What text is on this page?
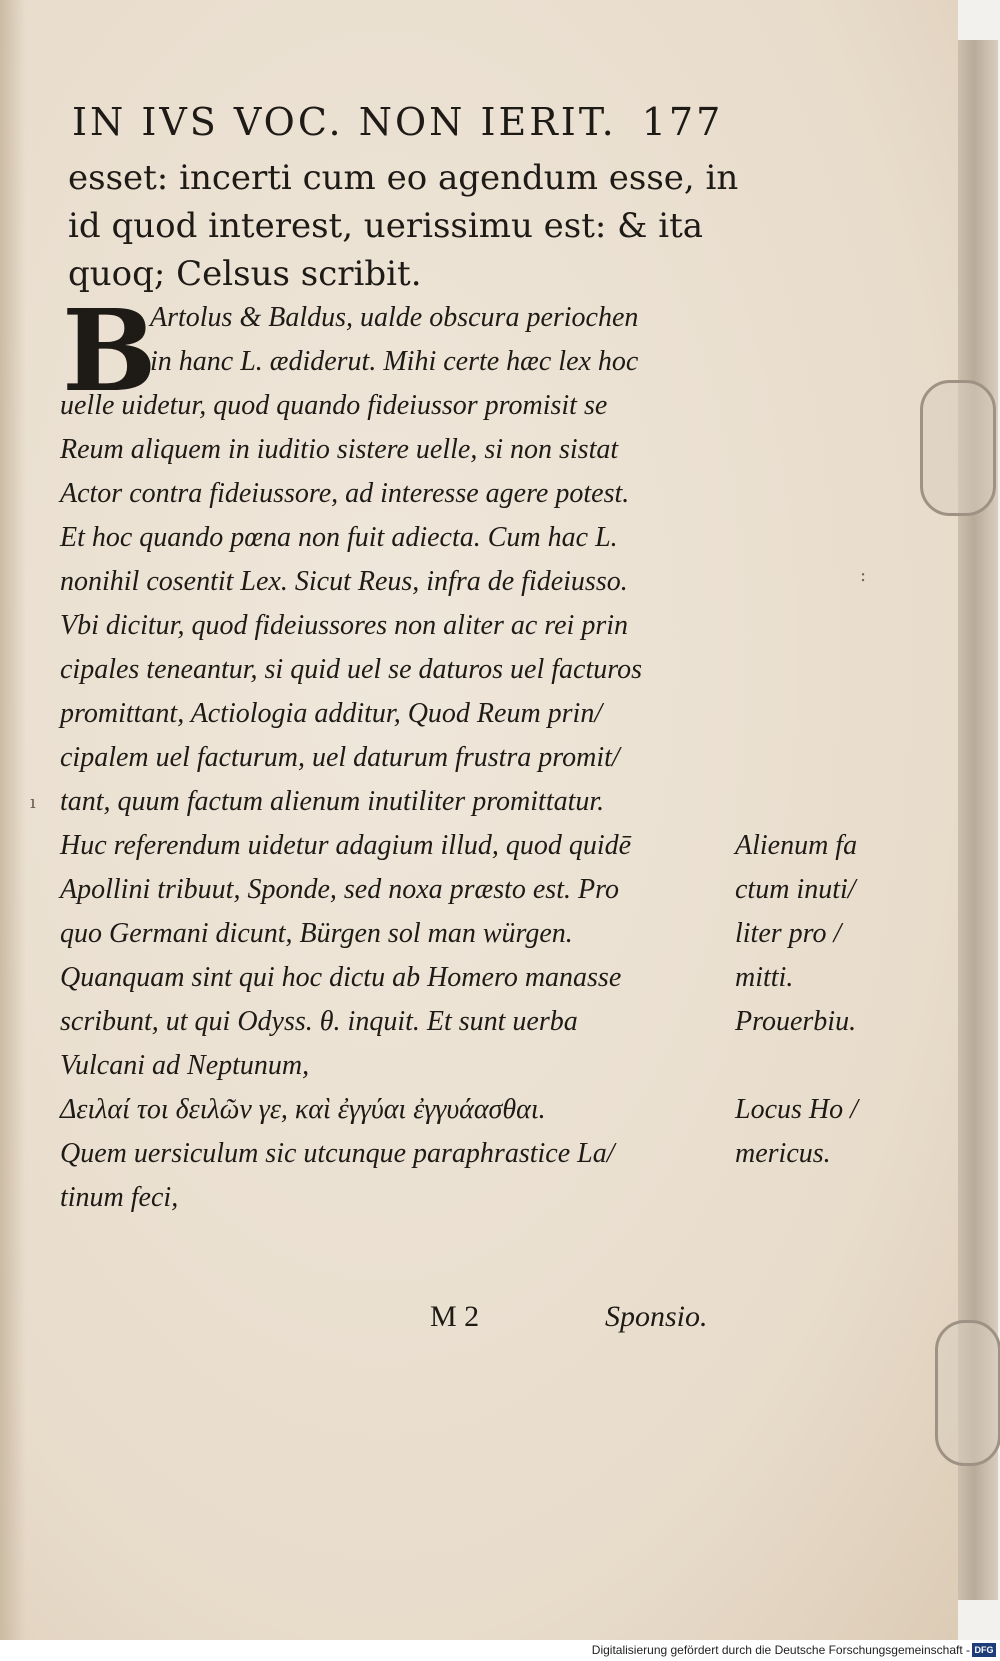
IN IVS VOC. NON IERIT. 177
esset: incerti cum eo agendum esse, in
id quod interest, uerissimu est: & ita
quoq; Celsus scribit.
B
Artolus & Baldus, ualde obscura periochen
in hanc L. ædiderut. Mihi certe hæc lex hoc
uelle uidetur, quod quando fideiussor promisit se
Reum aliquem in iuditio sistere uelle, si non sistat
Actor contra fideiussore, ad interesse agere potest.
Et hoc quando pœna non fuit adiecta. Cum hac L.
nonihil cosentit Lex. Sicut Reus, infra de fideiusso.
Vbi dicitur, quod fideiussores non aliter ac rei prin
cipales teneantur, si quid uel se daturos uel facturos
promittant, Actiologia additur, Quod Reum prin/
cipalem uel facturum, uel daturum frustra promit/
tant, quum factum alienum inutiliter promittatur.
Huc referendum uidetur adagium illud, quod quidē
Apollini tribuut, Sponde, sed noxa præsto est. Pro
quo Germani dicunt, Bürgen sol man würgen.
Quanquam sint qui hoc dictu ab Homero manasse
scribunt, ut qui Odyss. θ. inquit. Et sunt uerba
Vulcani ad Neptunum,
Δειλαί τοι δειλῶν γε, καὶ ἐγγύαι ἐγγυάασθαι.
Quem uersiculum sic utcunque paraphrastice La/
tinum feci,
Alienum fa
ctum inuti/
liter pro /
mitti.
Prouerbiu.
Locus Ho /
mericus.
ı
:
M 2	Sponsio.
Digitalisierung gefördert durch die Deutsche Forschungsgemeinschaft - DFG
